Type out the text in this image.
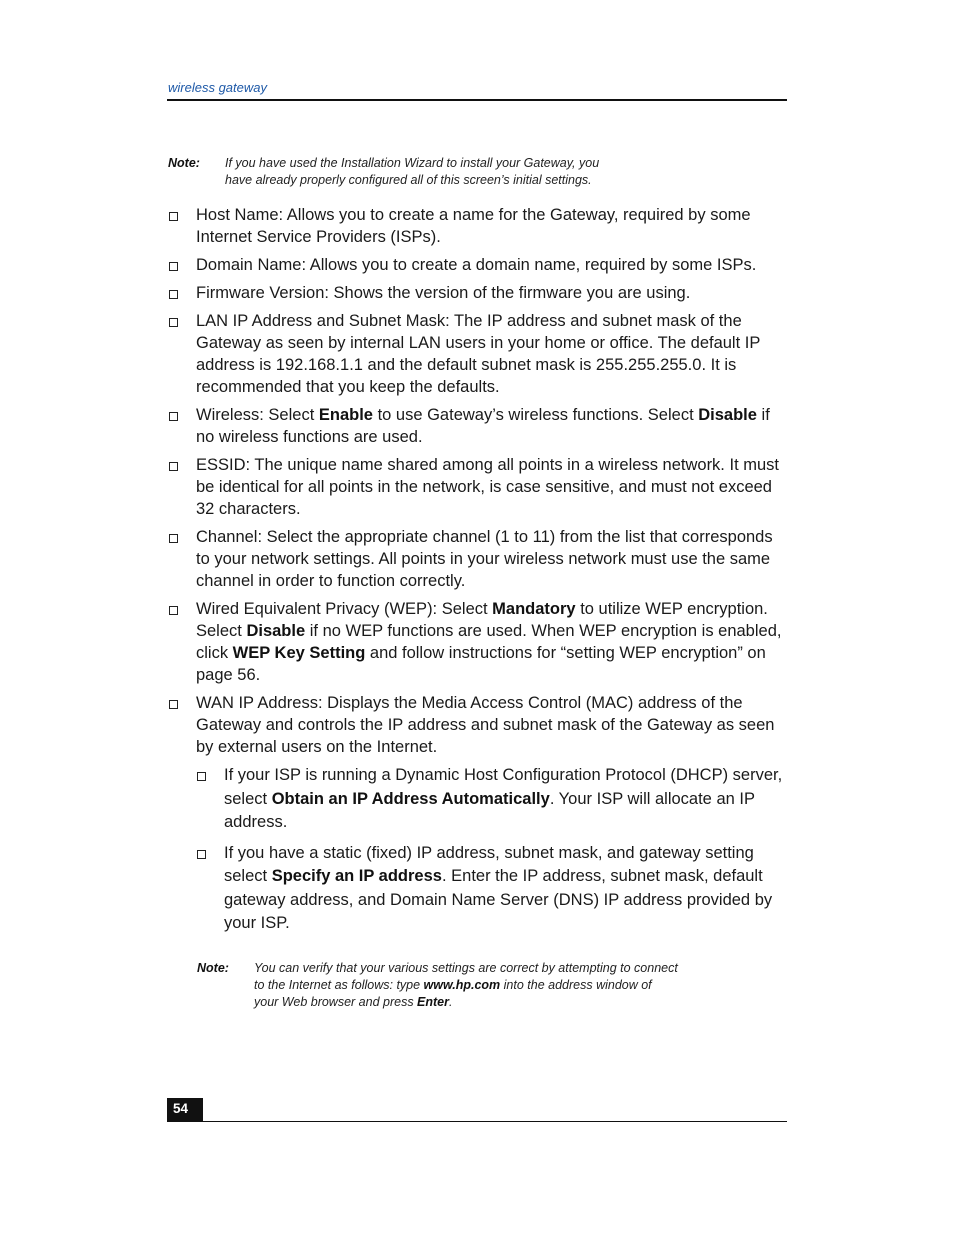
wireless gateway
Note: If you have used the Installation Wizard to install your Gateway, you
have already properly configured all of this screen’s initial settings.
Host Name: Allows you to create a name for the Gateway, required by some Internet Service Providers (ISPs).
Domain Name: Allows you to create a domain name, required by some ISPs.
Firmware Version: Shows the version of the firmware you are using.
LAN IP Address and Subnet Mask: The IP address and subnet mask of the Gateway as seen by internal LAN users in your home or office. The default IP address is 192.168.1.1 and the default subnet mask is 255.255.255.0. It is recommended that you keep the defaults.
Wireless: Select Enable to use Gateway’s wireless functions. Select Disable if no wireless functions are used.
ESSID: The unique name shared among all points in a wireless network. It must be identical for all points in the network, is case sensitive, and must not exceed 32 characters.
Channel: Select the appropriate channel (1 to 11) from the list that corresponds to your network settings. All points in your wireless network must use the same channel in order to function correctly.
Wired Equivalent Privacy (WEP): Select Mandatory to utilize WEP encryption. Select Disable if no WEP functions are used. When WEP encryption is enabled, click WEP Key Setting and follow instructions for “setting WEP encryption” on page 56.
WAN IP Address: Displays the Media Access Control (MAC) address of the Gateway and controls the IP address and subnet mask of the Gateway as seen by external users on the Internet.
If your ISP is running a Dynamic Host Configuration Protocol (DHCP) server, select Obtain an IP Address Automatically. Your ISP will allocate an IP address.
If you have a static (fixed) IP address, subnet mask, and gateway setting select Specify an IP address. Enter the IP address, subnet mask, default gateway address, and Domain Name Server (DNS) IP address provided by your ISP.
Note: You can verify that your various settings are correct by attempting to connect
to the Internet as follows: type www.hp.com into the address window of
your Web browser and press Enter.
54
